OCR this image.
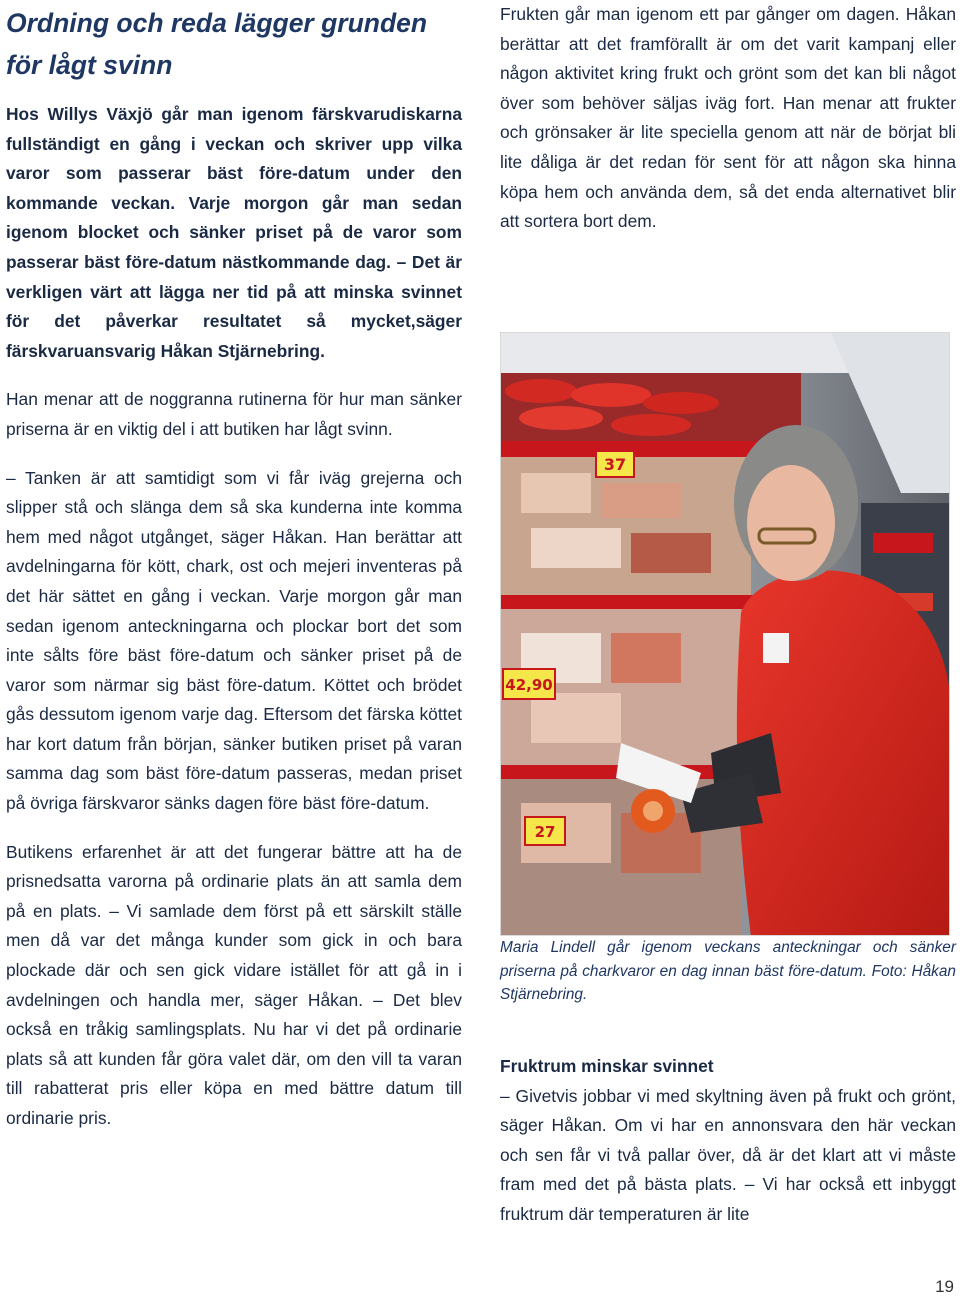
Ordning och reda lägger grunden för lågt svinn

Hos Willys Växjö går man igenom färskvarudiskarna fullständigt en gång i veckan och skriver upp vilka varor som passerar bäst före-datum under den kommande veckan. Varje morgon går man sedan igenom blocket och sänker priset på de varor som passerar bäst före-datum nästkommande dag. – Det är verkligen värt att lägga ner tid på att minska svinnet för det påverkar resultatet så mycket,säger färskvaruansvarig Håkan Stjärnebring.

Han menar att de noggranna rutinerna för hur man sänker priserna är en viktig del i att butiken har lågt svinn.

– Tanken är att samtidigt som vi får iväg grejerna och slipper stå och slänga dem så ska kunderna inte komma hem med något utgånget, säger Håkan. Han berättar att avdelningarna för kött, chark, ost och mejeri inventeras på det här sättet en gång i veckan. Varje morgon går man sedan igenom anteckningarna och plockar bort det som inte sålts före bäst före-datum och sänker priset på de varor som närmar sig bäst före-datum. Köttet och brödet gås dessutom igenom varje dag. Eftersom det färska köttet har kort datum från början, sänker butiken priset på varan samma dag som bäst före-datum passeras, medan priset på övriga färskvaror sänks dagen före bäst före-datum.

Butikens erfarenhet är att det fungerar bättre att ha de prisnedsatta varorna på ordinarie plats än att samla dem på en plats. – Vi samlade dem först på ett särskilt ställe men då var det många kunder som gick in och bara plockade där och sen gick vidare istället för att gå in i avdelningen och handla mer, säger Håkan. – Det blev också en tråkig samlingsplats. Nu har vi det på ordinarie plats så att kunden får göra valet där, om den vill ta varan till rabatterat pris eller köpa en med bättre datum till ordinarie pris.

Frukten går man igenom ett par gånger om dagen. Håkan berättar att det framförallt är om det varit kampanj eller någon aktivitet kring frukt och grönt som det kan bli något över som behöver säljas iväg fort. Han menar att frukter och grönsaker är lite speciella genom att när de börjat bli lite dåliga är det redan för sent för att någon ska hinna köpa hem och använda dem, så det enda alternativet blir att sortera bort dem.

37
42,90
27
Maria Lindell går igenom veckans anteckningar och sänker priserna på charkvaror en dag innan bäst före-datum. Foto: Håkan Stjärnebring.
Fruktrum minskar svinnet

– Givetvis jobbar vi med skyltning även på frukt och grönt, säger Håkan. Om vi har en annonsvara den här veckan och sen får vi två pallar över, då är det klart att vi måste fram med det på bästa plats. – Vi har också ett inbyggt fruktrum där temperaturen är lite

19
